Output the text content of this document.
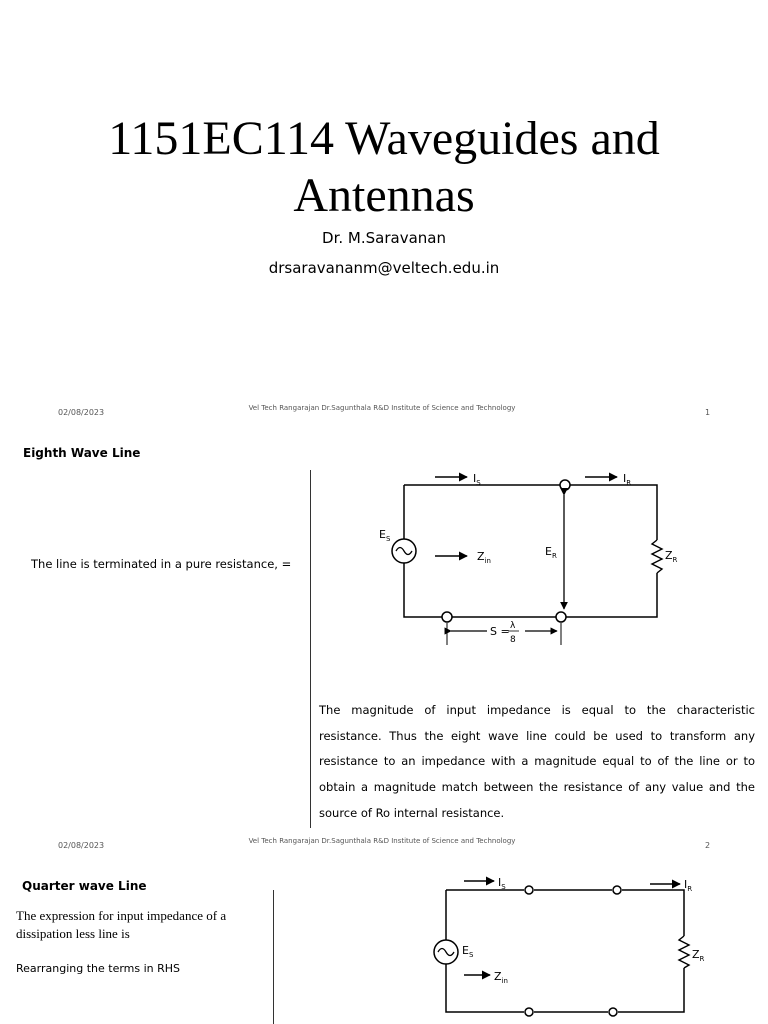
1151EC114 Waveguides and Antennas
Dr. M.Saravanan
drsaravananm@veltech.edu.in
02/08/2023	Vel Tech Rangarajan Dr.Sagunthala R&D Institute of Science and Technology	1
Eighth Wave Line
The line is terminated in a pure resistance, =
$I_S$	$I_R$
$E_S$
$Z_{in}$
$E_R$	$Z_R$
S = λ
8
The magnitude of input impedance is equal to the characteristic resistance. Thus the eight wave line could be used to transform any resistance to an impedance with a magnitude equal to of the line or to obtain a magnitude match between the resistance of any value and the source of Ro internal resistance.
02/08/2023	Vel Tech Rangarajan Dr.Sagunthala R&D Institute of Science and Technology	2
Quarter wave Line
The expression for input impedance of a dissipation less line is
Rearranging the terms in RHS
$I_S$	$I_R$
$E_S$
$Z_{in}$
$Z_R$
